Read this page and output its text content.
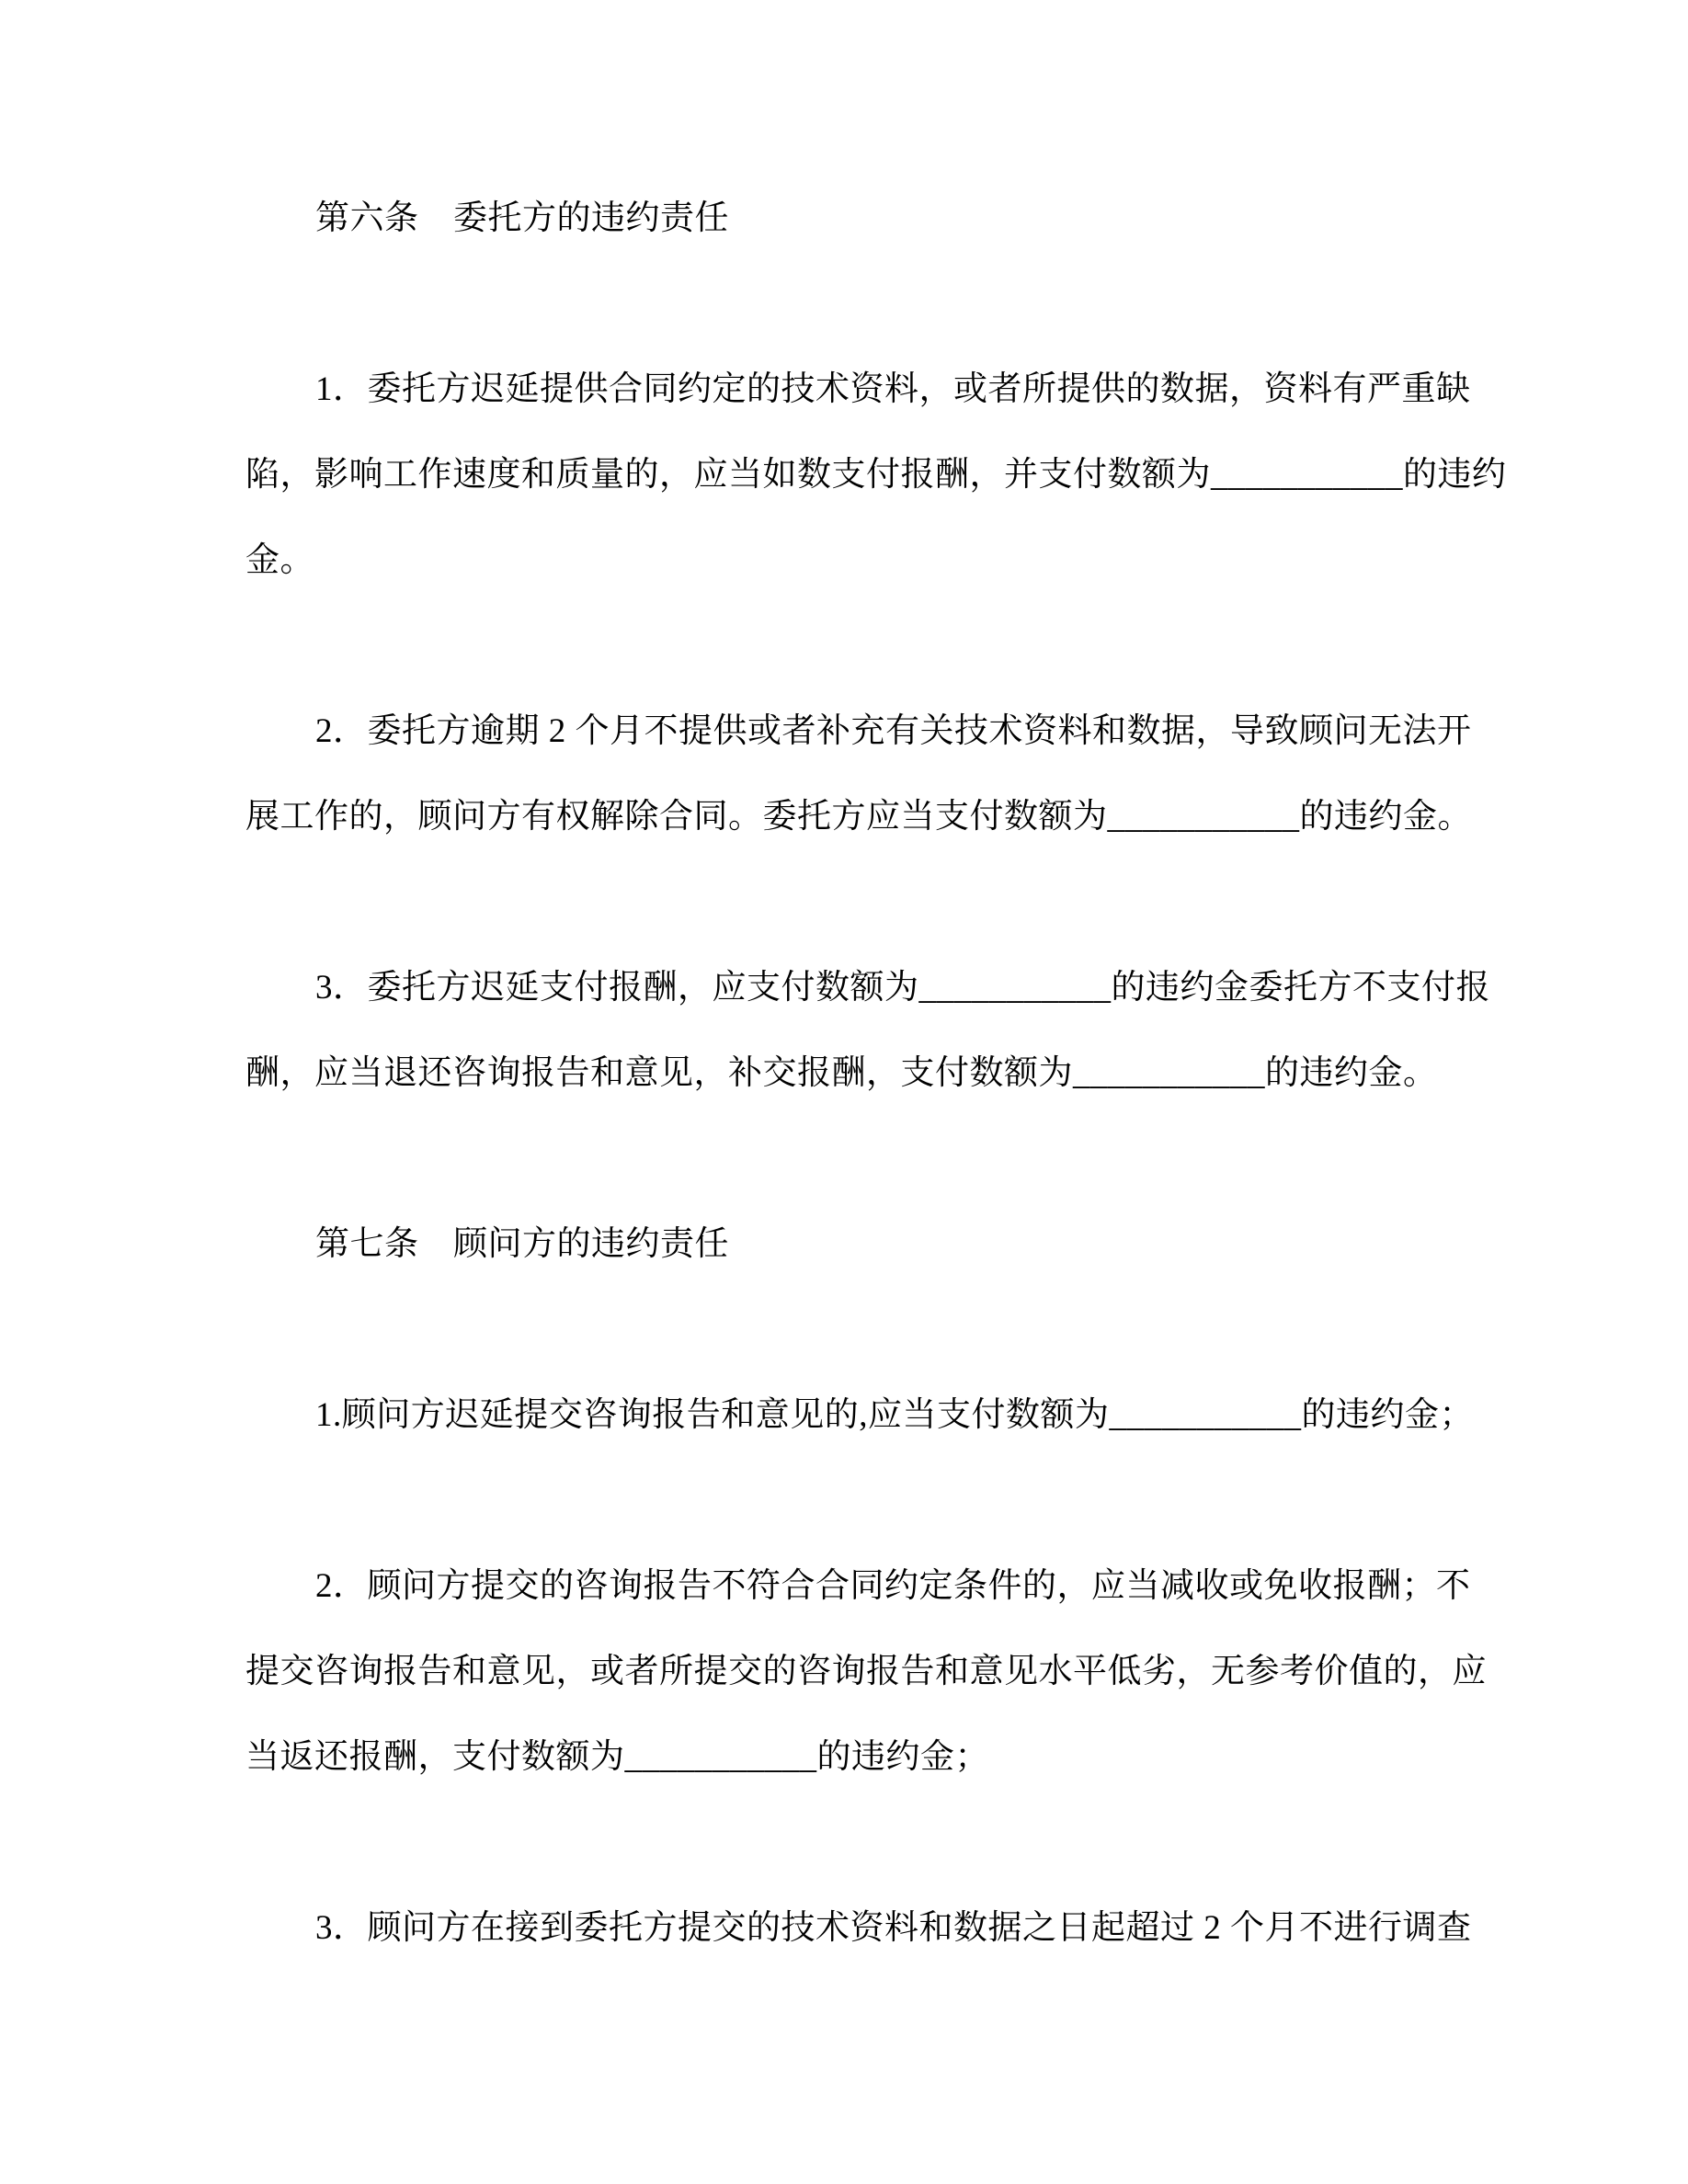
第六条　委托方的违约责任
1．委托方迟延提供合同约定的技术资料，或者所提供的数据，资料有严重缺
陷，影响工作速度和质量的，应当如数支付报酬，并支付数额为___________的违约
金。
2．委托方逾期 2 个月不提供或者补充有关技术资料和数据，导致顾问无法开
展工作的，顾问方有权解除合同。委托方应当支付数额为___________的违约金。
3．委托方迟延支付报酬，应支付数额为___________的违约金委托方不支付报
酬，应当退还咨询报告和意见，补交报酬，支付数额为___________的违约金。
第七条　顾问方的违约责任
1.顾问方迟延提交咨询报告和意见的,应当支付数额为___________的违约金；
2．顾问方提交的咨询报告不符合合同约定条件的，应当减收或免收报酬；不
提交咨询报告和意见，或者所提交的咨询报告和意见水平低劣，无参考价值的，应
当返还报酬，支付数额为___________的违约金；
3．顾问方在接到委托方提交的技术资料和数据之日起超过 2 个月不进行调查
